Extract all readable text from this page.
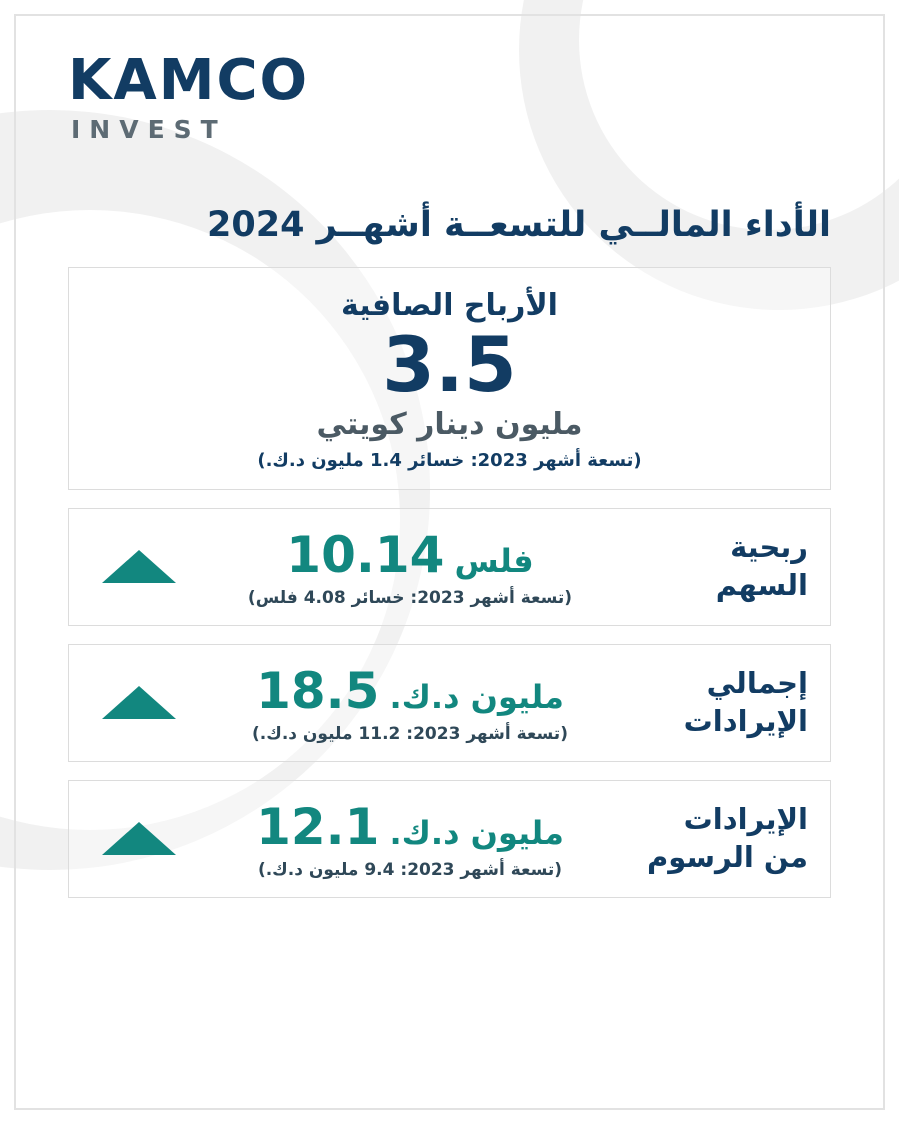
KAMCO
INVEST
الأداء المالــي للتسعــة أشهــر 2024
الأرباح الصافية
3.5
مليون دينار كويتي
(تسعة أشهر 2023: خسائر 1.4 مليون د.ك.)
ربحية السهم
فلس
10.14
(تسعة أشهر 2023: خسائر 4.08 فلس)
إجمالي الإيرادات
مليون د.ك.
18.5
(تسعة أشهر 2023: 11.2 مليون د.ك.)
الإيرادات من الرسوم
مليون د.ك.
12.1
(تسعة أشهر 2023: 9.4 مليون د.ك.)
